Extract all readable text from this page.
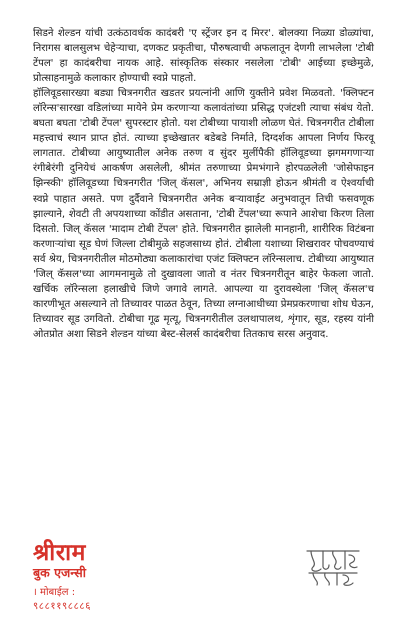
सिडने शेल्डन यांची उत्कंठावर्धक कादंबरी 'ए स्ट्रेंजर इन द मिरर'. बोलक्या निळ्या डोळ्यांचा, निरागस बालसुलभ चेहेऱ्याचा, दणकट प्रकृतीचा, पौरुषत्वाची अफलातून देणगी लाभलेला 'टोबी टेंपल' हा कादंबरीचा नायक आहे. सांस्कृतिक संस्कार नसलेला 'टोबी' आईच्या इच्छेमुळे, प्रोत्साहनामुळे कलाकार होण्याची स्वप्ने पाहतो.

हॉलिवूडसारख्या बड्या चित्रनगरीत खडतर प्रयत्नांनी आणि युक्तीने प्रवेश मिळवतो. 'क्लिफ्टन लॉरेन्स'सारखा वडिलांच्या मायेने प्रेम करणाऱ्या कलावंतांच्या प्रसिद्ध एजंटशी त्याचा संबंध येतो. बघता बघता 'टोबी टेंपल' सुपरस्टार होतो. यश टोबीच्या पायाशी लोळण घेतं. चित्रनगरीत टोबीला महत्त्वाचं स्थान प्राप्त होतं. त्याच्या इच्छेखातर बडेबडे निर्माते, दिग्दर्शक आपला निर्णय फिरवू लागतात. टोबीच्या आयुष्यातील अनेक तरुण व सुंदर मुलींपैकी हॉलिवूडच्या झगमगणाऱ्या रंगीबेरंगी दुनियेचं आकर्षण असलेली, श्रीमंत तरुणाच्या प्रेमभंगाने होरपळलेली 'जोसेफाइन झिन्स्की' हॉलिवूडच्या चित्रनगरीत 'जिल् कॅसल', अभिनय सम्राज्ञी होऊन श्रीमंती व ऐश्वर्याची स्वप्ने पाहात असते. पण दुर्दैवाने चित्रनगरीत अनेक बऱ्यावाईट अनुभवातून तिची फसवणूक झाल्याने, शेवटी ती अपयशाच्या कोंडीत असताना, 'टोबी टेंपल'च्या रूपाने आशेचा किरण तिला दिसतो. जिल् कॅसल 'मादाम टोबी टेंपल' होते. चित्रनगरीत झालेली मानहानी, शारीरिक विटंबना करणाऱ्यांचा सूड घेणं जिल्ला टोबीमुळे सहजसाध्य होतं. टोबीला यशाच्या शिखरावर पोचवण्याचं सर्व श्रेय, चित्रनगरीतील मोठमोठ्या कलाकारांचा एजंट क्लिफ्टन लॉरेन्सलाच. टोबीच्या आयुष्यात 'जिल् कॅसल'च्या आगमनामुळे तो दुखावला जातो व नंतर चित्रनगरीतून बाहेर फेकला जातो. खर्चिक लॉरेन्सला हलाखीचे जिणे जगावे लागते. आपल्या या दुरावस्थेला 'जिल् कॅसल'च कारणीभूत असल्याने तो तिच्यावर पाळत ठेवून, तिच्या लग्नाआधीच्या प्रेमप्रकरणाचा शोध घेऊन, तिच्यावर सूड उगवितो. टोबीचा गूढ मृत्यू, चित्रनगरीतील उलथापालथ, शृंगार, सूड, रहस्य यांनी ओतप्रोत अशा सिडने शेल्डन यांच्या बेस्ट-सेलर्स कादंबरीचा तितकाच सरस अनुवाद.

श्रीराम
बुक एजन्सी
। मोबाईल :
९८८११९८८८६
